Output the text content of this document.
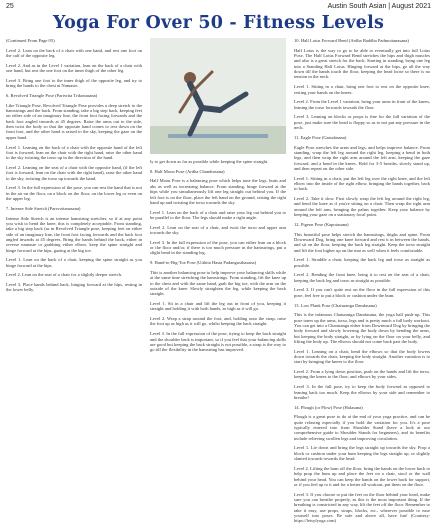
25	Austin South Asian | August 2021
Yoga For Over 50 - Fitness Levels

(Continued From Page 05)

Level 2. Lean on the back of a chair with one hand, and rest one foot on the calf of the opposite leg.

Level 2. And as in the Level 1 variation, lean on the back of a chair with one hand, but rest the one foot on the inner thigh of the other leg.

Level 3. Bring one foot to the inner thigh of the opposite leg, and try to bring the hands to the chest at Namaste.

6. Revolved Triangle Pose (Parivrtta Trikonasana)

Like Triangle Pose, Revolved Triangle Pose provides a deep stretch to the hamstrings and the back. From standing, take a big step back, keeping feet on either side of an imaginary line, the front foot facing forwards and the back foot angled inwards at 45 degrees. Raise the arms out to the side, then twist the body so that the opposite hand comes to rest down on the front foot, and the other hand is raised to the sky, keeping the gaze on the upper hand.

Level 1. Leaning on the back of a chair with the opposite hand of the left foot is forward, lean on the chair with the right hand, raise the other hand to the sky twisting the torso up in the direction of the hand.

Level 2. Leaning on the seat of a chair with the opposite hand, (if the left foot is forward, lean on the chair with the right hand), raise the other hand to the sky, twisting the torso up towards the hand.

Level 3. In the full expression of the pose, you can rest the hand that is not in the air on the floor, on a block on the floor, on the lower leg or even on the upper leg.

7. Intense Side Stretch (Parsvottanasana)

Intense Side Stretch is an intense hamstring stretcher, so if at any point you wish to bend the knee, this is completely acceptable. From standing, take a big step back (as in Revolved Triangle pose, keeping feet on either side of an imaginary line, the front foot facing forwards and the back foot angled inwards at 45 degrees. Bring the hands behind the back, either in reverse namaste or grabbing either elbow, keep the spine straight and hinge forward at the hips, gazing at the big toe.

Level 1. Lean on the back of a chair, keeping the spine straight as you hinge forward at the hips.

Level 2. Lean on the seat of a chair for a slightly deeper stretch.

Level 3. Place hands behind back, hinging forward at the hips, resting in the lower belly.

ly to get down as far as possible while keeping the spine straight.

8. Half Moon Pose (Ardha Chandrasana)

Half Moon Pose is a balancing pose which helps tone the legs, butts and abs as well as increasing balance. From standing, hinge forward at the hips while you simultaneously lift one leg straight out behind you. If the left foot is on the floor, place the left hand on the ground, raising the right hand up and twisting the torso towards the sky.

Level 1. Lean on the back of a chair and raise your leg out behind you to be parallel to the floor. The legs should make a right angle.

Level 2. Lean on the seat of a chair, and twist the torso and upper arm towards the sky.

Level 3. In the full expression of the pose, you can either lean on a block or the floor and/or, if there is too much pressure in the hamstrings, put a slight bend in the standing leg.

9. Hand-to-Big-Toe Pose (Utthita Hasta Padangusthasana)

This is another balancing pose to help improve your balancing skills while at the same time stretching the hamstrings. From standing, lift the knee up to the chest and with the same hand, grab the big toe, with the arm on the outside of the knee. Slowly straighten the leg, while keeping the back straight.

Level 1. Sit in a chair and lift the leg out in front of you, keeping it straight and holding it with both hands, as high as it will go.

Level 2. Wrap a strap around the foot, and, holding onto the strap, raise the foot up as high as it will go, whilst keeping the back straight.

Level 3. In the full expression of the pose, trying to keep the back straight and the shoulder back is important, so if you feel that your balancing skills are good but keeping the back straight is not possible, a strap is the way to go till the flexibility in the hamstring has improved.

10. Half Lotus Forward Bend (Ardha Baddha Padmottanasana)

Half Lotus is the way to go to be able to eventually get into full Lotus Pose. The Half Lotus Forward Bend stretches the hips and thigh muscles and also is a great stretch for the back. Starting in standing, bring one leg into a Standing Half Lotus. Hinging forward at the hips, go all the way down till the hands touch the floor, keeping the head loose so there is no tension in the neck.

Level 1. Sitting in a chair, bring one foot to rest on the opposite knee, resting your hands on the knees.

Level 2. From the Level 1 variation, bring your arms in front of the knees, leaning the torso forwards towards the floor.

Level 3. Leaning on blocks or props is fine for the full variation of the pose, just make sure the head is floppy so as to not put any pressure in the neck.

11. Eagle Pose (Garudasana)

Eagle Pose stretches the arms and legs, and helps improve balance. From standing, wrap the left leg around the right leg, keeping a bend in both legs, and then wrap the right arm around the left arm, keeping the gaze forward, and a bend in the knees. Hold for 3-5 breaths, slowly stand up, and then repeat on the other side.

Level 1. Sitting in a chair, put the left leg over the right knee, and the left elbow into the inside of the right elbow, bringing the hands together, back to back.

Level 2. Take it slow. First slowly wrap the left leg around the right leg, and bend the knee as if you're sitting on a chair. Then wrap the right arm around the left arm, bringing the palms together. Keep your balance by keeping your gaze on a stationary focal point.

12. Pigeon Pose (Kapotasana)

This beautiful pose helps stretch the hamstrings, thighs and spine. From Downward Dog, bring one knee forward and rest it in between the hands, and sit on the floor, keeping the back leg straight. Keep the torso straight and lift the foot higher up on the mat as well when it feels comfortable.

Level 1. Straddle a chair, keeping the back leg and torso as straight as possible.

Level 2. Bending the front knee, bring it to rest on the seat of a chair, keeping the back leg and torso as straight as possible.

Level 3. If you can't quite rest on the floor in the full expression of this pose, feel free to put a block or cushion under the bum.

13. Low Plank Pose (Chaturanga Dandasana)

This is the infamous Chaturanga Dandasana, the yoga half push-up. This pose tones up the arms, torso, legs and is pretty much a full body workout. You can get into a Chaturanga either from Downward Dog by bringing the body forward and slowly lowering the body down by bending the arms, but keeping the body straight, or by lying on the floor on your belly, and lifting the body up. The elbows should not come back past the body.

Level 1. Leaning on a chair, bend the elbows so that the body lowers down towards the chair, keeping the body straight. Another variation is to start by bringing the knees to the floor.

Level 2. From a lying down position, push on the hands and lift the torso, keeping the knees to the floor, and elbows by your sides.

Level 3. In the full pose, try to keep the body forward as opposed to leaning back too much. Keep the elbows by your side and remember to breathe!

14. Plough (or Plow) Pose (Halasana)

Plough is a great pose to do at the end of your yoga practice, and can be quite relaxing especially if you hold the variation for you. It's a pose typically entered into from Shoulder Stand (have a look at our comprehensive guide to Shoulder Stands for beginners), and its benefits include relieving swollen legs and improving circulation.

Level 1. Lie down and bring the legs straight up towards the sky. Prop a block or cushion under your bum keeping the legs straight up, or slightly slanted towards towards the head.

Level 2. Lifting the bum off the floor, bring the hands on the lower back to help prop the bum up and place the feet on a chair, stool or the wall behind your head. You can keep the hands on the lower back for support, or if you feel up to it and for a better all workout, put them on the floor.

Level 3. If you choose to put the feet on the floor behind your head, make sure you can breathe properly, as this is the most important thing. If the breathing is constricted in any way, lift the feet off the floor. Remember to take it easy, use props, straps, blocks, etc., wherever possible to ease yourself into poses. Be safe and above all, have fun! (Courtesy: https://letsyfyoga.com)
